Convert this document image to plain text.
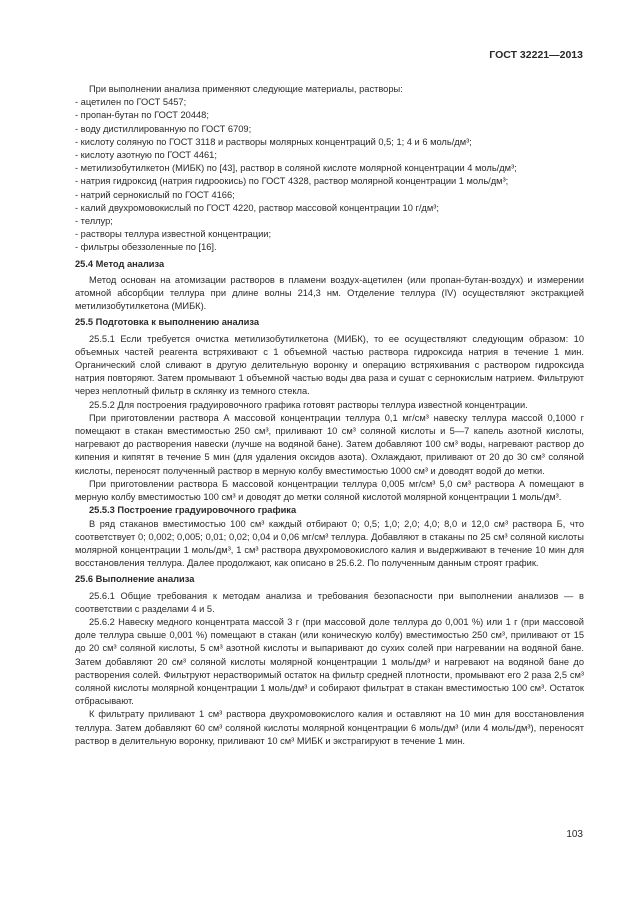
ГОСТ 32221—2013

При выполнении анализа применяют следующие материалы, растворы:

- ацетилен по ГОСТ 5457;

- пропан-бутан по ГОСТ 20448;

- воду дистиллированную по ГОСТ 6709;

- кислоту соляную по ГОСТ 3118 и растворы молярных концентраций 0,5; 1; 4 и 6 моль/дм³;

- кислоту азотную по ГОСТ 4461;

- метилизобутилкетон (МИБК) по [43], раствор в соляной кислоте молярной концентрации 4 моль/дм³;

- натрия гидроксид (натрия гидроокись) по ГОСТ 4328, раствор молярной концентрации 1 моль/дм³;

- натрий сернокислый по ГОСТ 4166;

- калий двухромовокислый по ГОСТ 4220, раствор массовой концентрации 10 г/дм³;

- теллур;

- растворы теллура известной концентрации;

- фильтры обеззоленные по [16].

25.4 Метод анализа

Метод основан на атомизации растворов в пламени воздух-ацетилен (или пропан-бутан-воздух) и измерении атомной абсорбции теллура при длине волны 214,3 нм. Отделение теллура (IV) осуществляют экстракцией метилизобутилкетона (МИБК).

25.5 Подготовка к выполнению анализа

25.5.1 Если требуется очистка метилизобутилкетона (МИБК), то ее осуществляют следующим образом: 10 объемных частей реагента встряхивают с 1 объемной частью раствора гидроксида натрия в течение 1 мин. Органический слой сливают в другую делительную воронку и операцию встряхивания с раствором гидроксида натрия повторяют. Затем промывают 1 объемной частью воды два раза и сушат с сернокислым натрием. Фильтруют через неплотный фильтр в склянку из темного стекла.

25.5.2 Для построения градуировочного графика готовят растворы теллура известной концентрации.

При приготовлении раствора А массовой концентрации теллура 0,1 мг/см³ навеску теллура массой 0,1000 г помещают в стакан вместимостью 250 см³, приливают 10 см³ соляной кислоты и 5—7 капель азотной кислоты, нагревают до растворения навески (лучше на водяной бане). Затем добавляют 100 см³ воды, нагревают раствор до кипения и кипятят в течение 5 мин (для удаления оксидов азота). Охлаждают, приливают от 20 до 30 см³ соляной кислоты, переносят полученный раствор в мерную колбу вместимостью 1000 см³ и доводят водой до метки.

При приготовлении раствора Б массовой концентрации теллура 0,005 мг/см³ 5,0 см³ раствора А помещают в мерную колбу вместимостью 100 см³ и доводят до метки соляной кислотой молярной концентрации 1 моль/дм³.

25.5.3 Построение градуировочного графика

В ряд стаканов вместимостью 100 см³ каждый отбирают 0; 0,5; 1,0; 2,0; 4,0; 8,0 и 12,0 см³ раствора Б, что соответствует 0; 0,002; 0,005; 0,01; 0,02; 0,04 и 0,06 мг/см³ теллура. Добавляют в стаканы по 25 см³ соляной кислоты молярной концентрации 1 моль/дм³, 1 см³ раствора двухромовокислого калия и выдерживают в течение 10 мин для восстановления теллура. Далее продолжают, как описано в 25.6.2. По полученным данным строят график.

25.6 Выполнение анализа

25.6.1 Общие требования к методам анализа и требования безопасности при выполнении анализов — в соответствии с разделами 4 и 5.

25.6.2 Навеску медного концентрата массой 3 г (при массовой доле теллура до 0,001 %) или 1 г (при массовой доле теллура свыше 0,001 %) помещают в стакан (или коническую колбу) вместимостью 250 см³, приливают от 15 до 20 см³ соляной кислоты, 5 см³ азотной кислоты и выпаривают до сухих солей при нагревании на водяной бане. Затем добавляют 20 см³ соляной кислоты молярной концентрации 1 моль/дм³ и нагревают на водяной бане до растворения солей. Фильтруют нерастворимый остаток на фильтр средней плотности, промывают его 2 раза 2,5 см³ соляной кислоты молярной концентрации 1 моль/дм³ и собирают фильтрат в стакан вместимостью 100 см³. Остаток отбрасывают.

К фильтрату приливают 1 см³ раствора двухромовокислого калия и оставляют на 10 мин для восстановления теллура. Затем добавляют 60 см³ соляной кислоты молярной концентрации 6 моль/дм³ (или 4 моль/дм³), переносят раствор в делительную воронку, приливают 10 см³ МИБК и экстрагируют в течение 1 мин.

103
